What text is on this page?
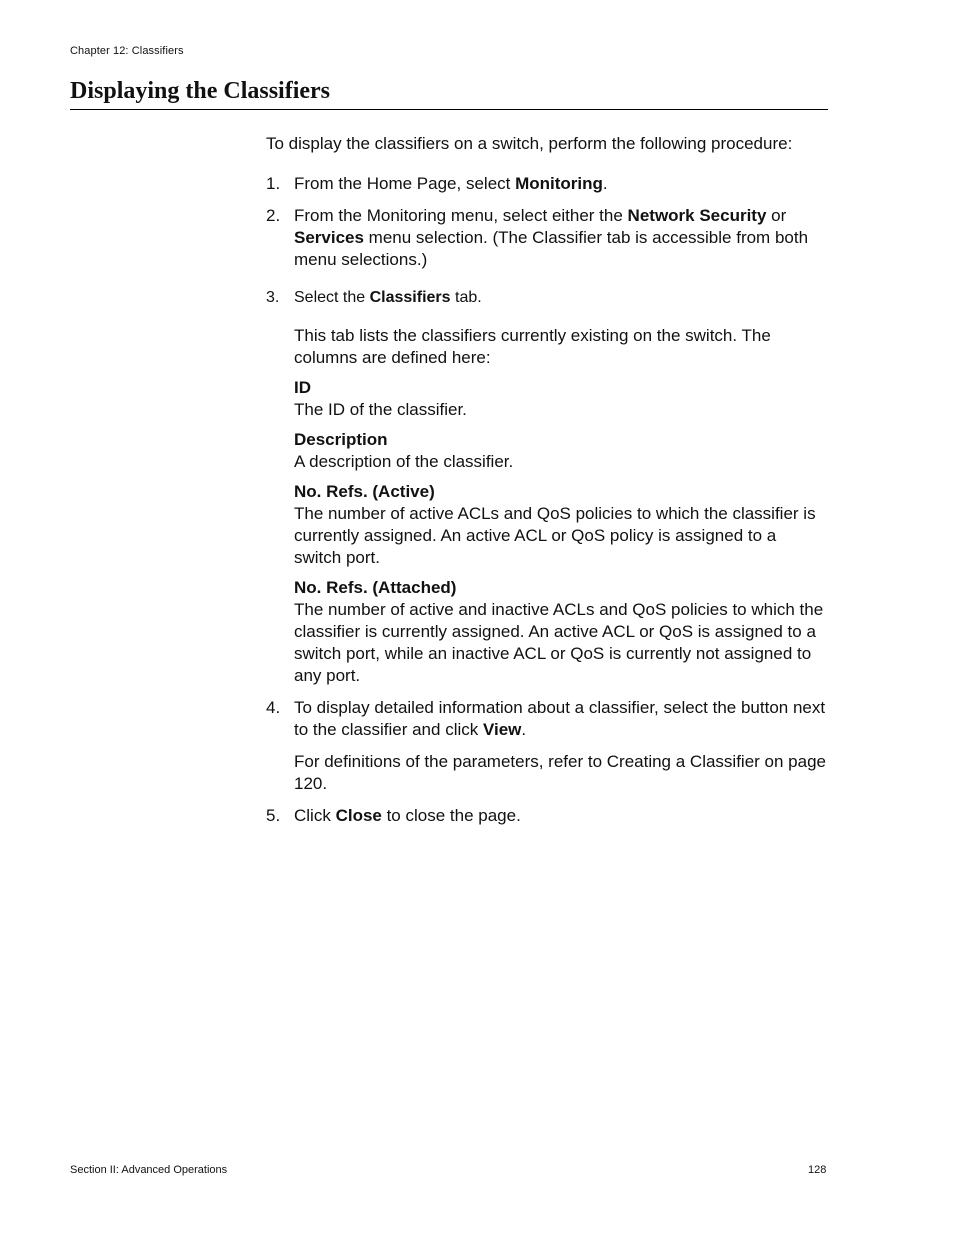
Chapter 12: Classifiers
Displaying the Classifiers

To display the classifiers on a switch, perform the following procedure:

1. From the Home Page, select Monitoring.
2. From the Monitoring menu, select either the Network Security or Services menu selection. (The Classifier tab is accessible from both menu selections.)
3. Select the Classifiers tab.

This tab lists the classifiers currently existing on the switch. The columns are defined here:

ID
The ID of the classifier.
Description
A description of the classifier.
No. Refs. (Active)
The number of active ACLs and QoS policies to which the classifier is currently assigned. An active ACL or QoS policy is assigned to a switch port.
No. Refs. (Attached)
The number of active and inactive ACLs and QoS policies to which the classifier is currently assigned. An active ACL or QoS is assigned to a switch port, while an inactive ACL or QoS is currently not assigned to any port.
4. To display detailed information about a classifier, select the button next to the classifier and click View.

For definitions of the parameters, refer to Creating a Classifier on page 120.

5. Click Close to close the page.
Section II: Advanced Operations	128
